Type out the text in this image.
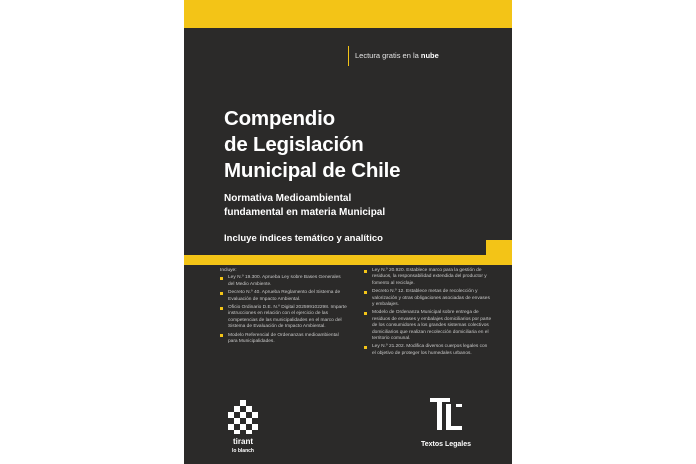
Lectura gratis en la nube
Compendio
de Legislación
Municipal de Chile
Normativa Medioambiental
fundamental en materia Municipal
Incluye índices temático y analítico
Incluye:
Ley N.º 19.300. Aprueba Ley sobre Bases Generales del Medio Ambiente.
Decreto N.º 40. Aprueba Reglamento del Sistema de Evaluación de Impacto Ambiental.
Oficio Ordinario D.E. N.º Digital 202599102298. Imparte instrucciones en relación con el ejercicio de las competencias de las municipalidades en el marco del Sistema de Evaluación de Impacto Ambiental.
Modelo Referencial de Ordenanzas medioambiental para Municipalidades.
Ley N.º 20.920. Establece marco para la gestión de residuos, la responsabilidad extendida del productor y fomento al reciclaje.
Decreto N.º 12. Establece metas de recolección y valorización y otras obligaciones asociadas de envases y embalajes.
Modelo de Ordenanza Municipal sobre entrega de residuos de envases y embalajes domiciliarios por parte de los consumidores a los grandes sistemas colectivos domiciliarios que realizan recolección domiciliaria en el territorio comunal.
Ley N.º 21.202. Modifica diversos cuerpos legales con el objetivo de proteger los humedales urbanos.
tirant
lo blanch
Textos Legales
